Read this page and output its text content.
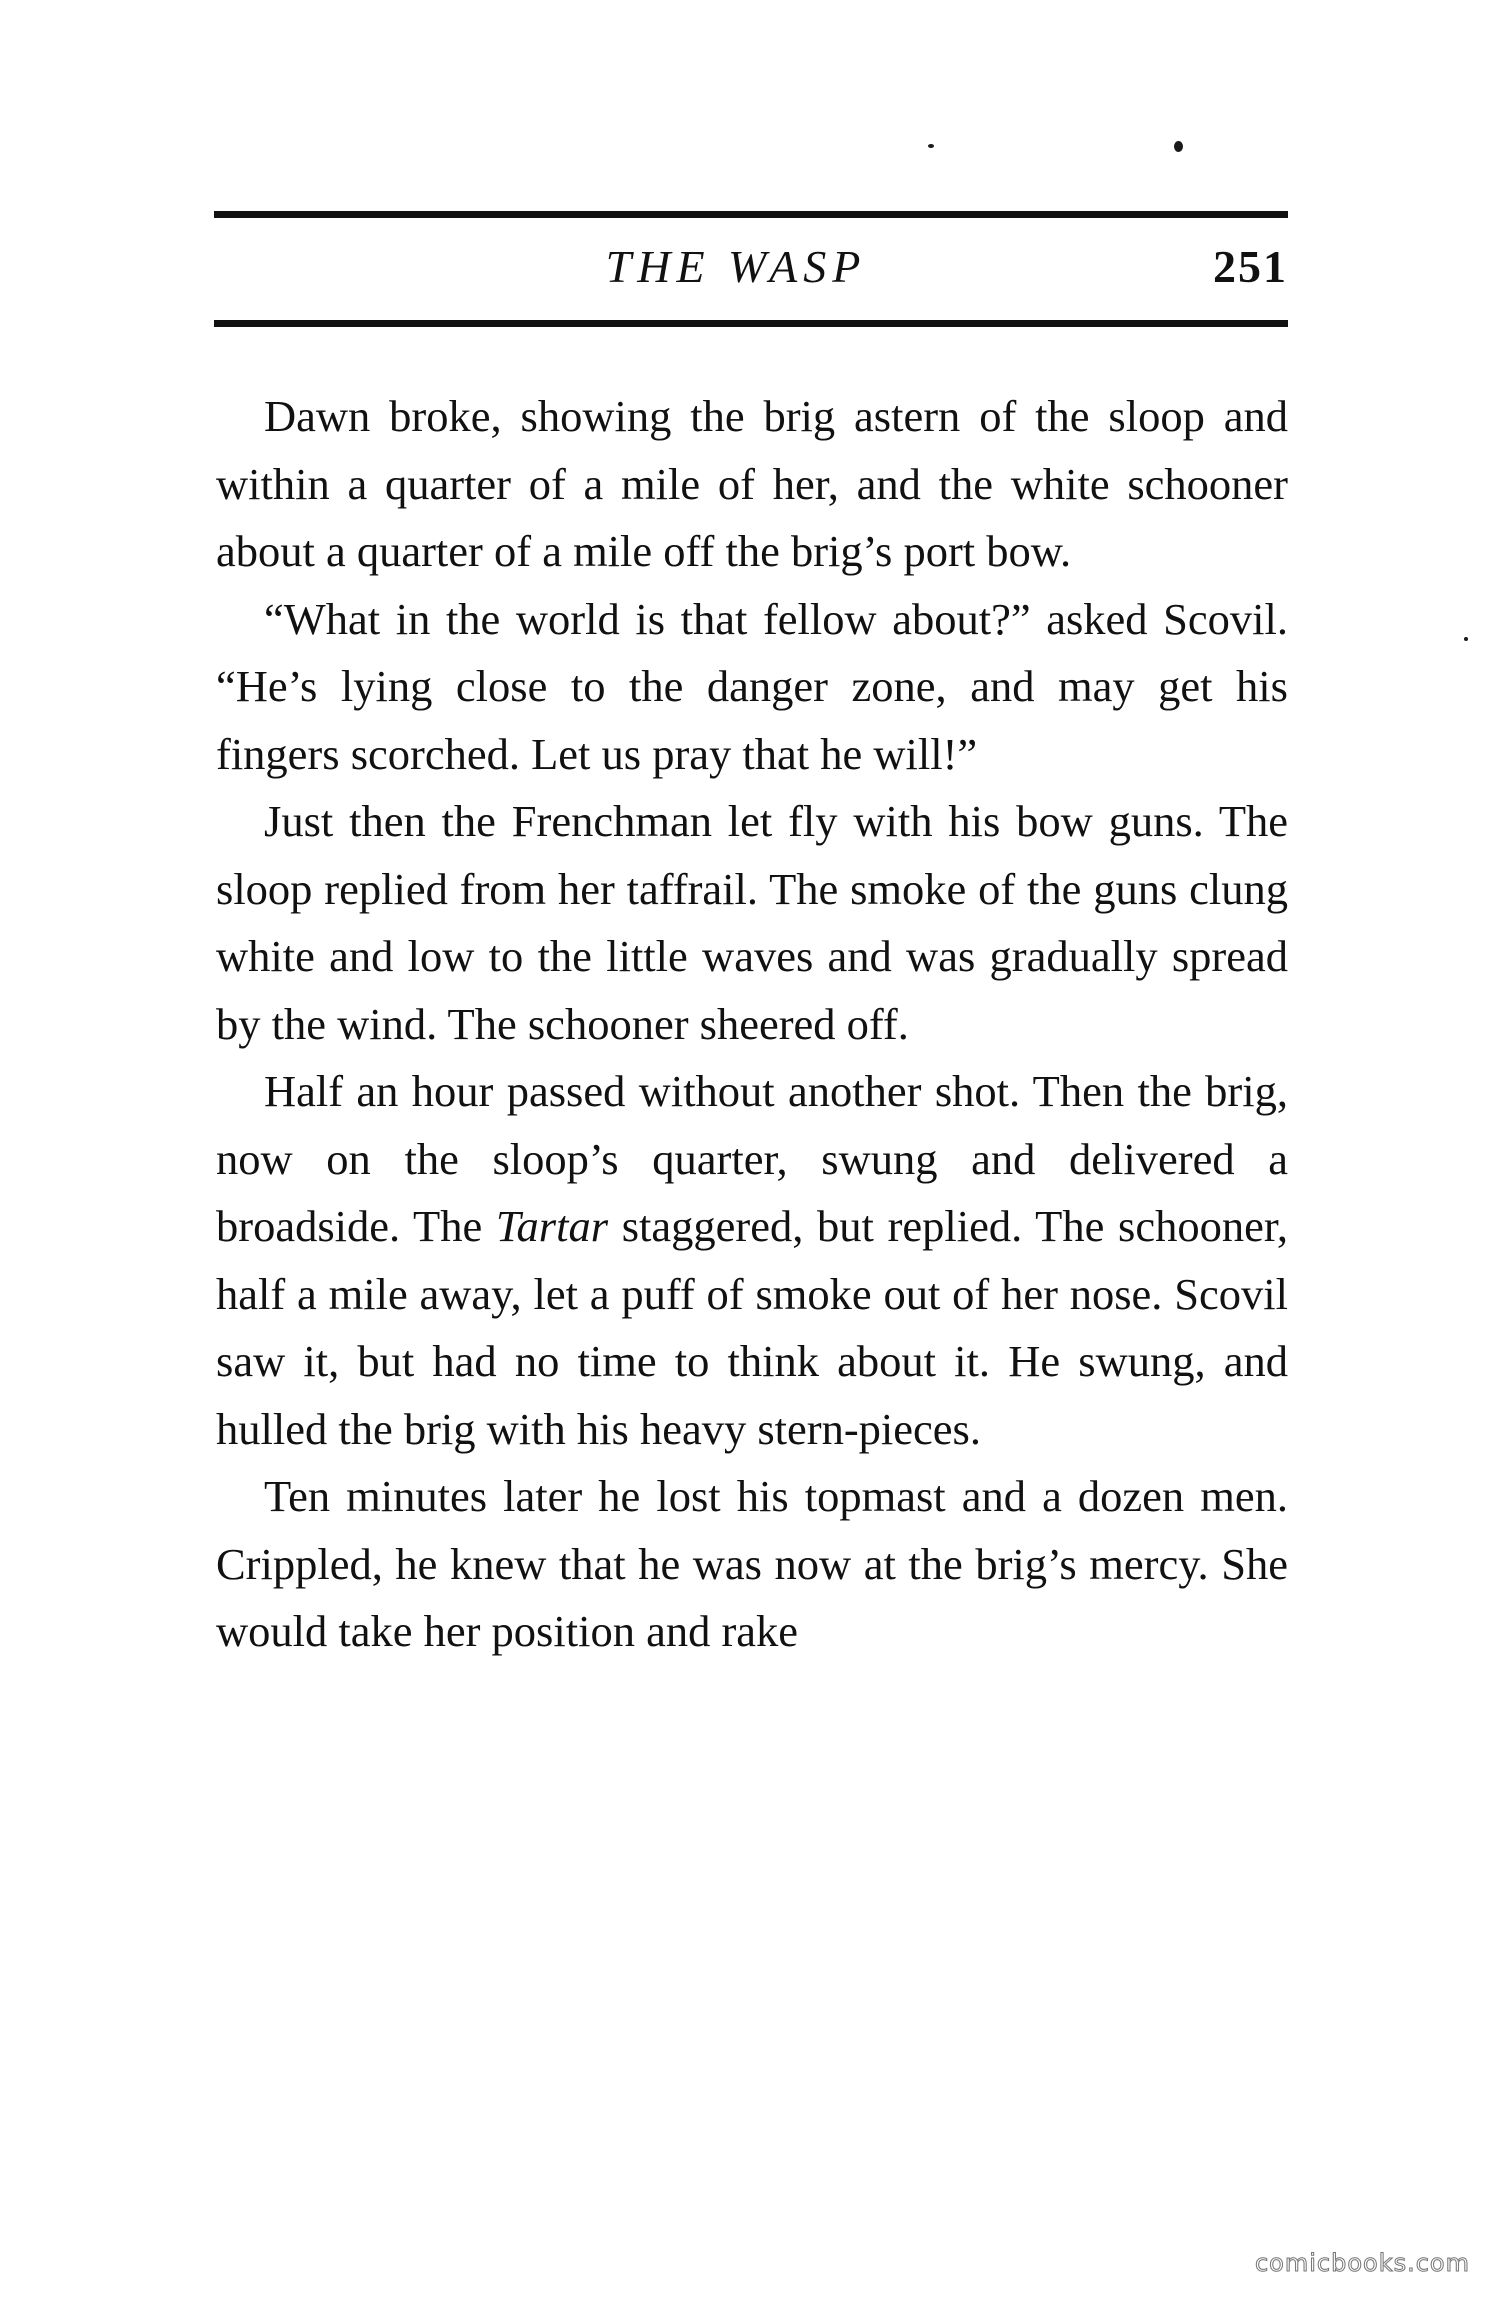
THE WASP	251

Dawn broke, showing the brig astern of the sloop and within a quarter of a mile of her, and the white schooner about a quarter of a mile off the brig’s port bow.

“What in the world is that fellow about?” asked Scovil. “He’s lying close to the danger zone, and may get his fingers scorched. Let us pray that he will!”

Just then the Frenchman let fly with his bow guns. The sloop replied from her taffrail. The smoke of the guns clung white and low to the little waves and was gradually spread by the wind. The schooner sheered off.

Half an hour passed without another shot. Then the brig, now on the sloop’s quarter, swung and delivered a broadside. The Tartar staggered, but replied. The schooner, half a mile away, let a puff of smoke out of her nose. Scovil saw it, but had no time to think about it. He swung, and hulled the brig with his heavy stern-pieces.

Ten minutes later he lost his topmast and a dozen men. Crippled, he knew that he was now at the brig’s mercy. She would take her position and rake

comicbooks.com
